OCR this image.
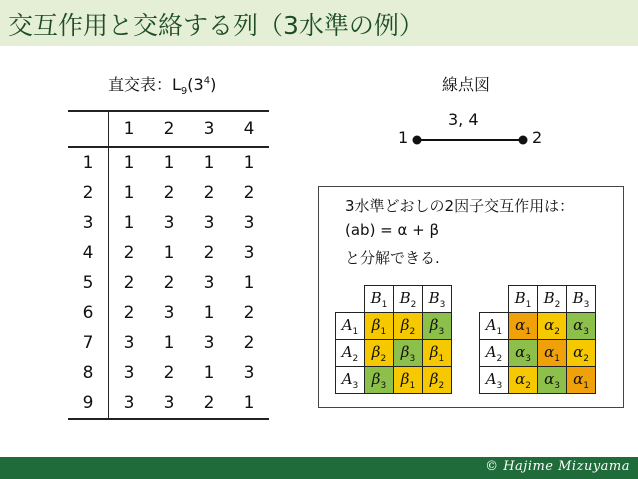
交互作用と交絡する列（3水準の例）
直交表：$L_9(3^4)$
	1	2	3	4
1	1	1	1	1
2	1	2	2	2
3	1	3	3	3
4	2	1	2	3
5	2	2	3	1
6	2	3	1	2
7	3	1	3	2
8	3	2	1	3
9	3	3	2	1
線点図
3, 4
1	2
3水準どおしの2因子交互作用は：
(ab) = α + β
と分解できる.
	$B_1$	$B_2$	$B_3$
$A_1$	$\beta_1$	$\beta_2$	$\beta_3$
$A_2$	$\beta_2$	$\beta_3$	$\beta_1$
$A_3$	$\beta_3$	$\beta_1$	$\beta_2$
	$B_1$	$B_2$	$B_3$
$A_1$	$\alpha_1$	$\alpha_2$	$\alpha_3$
$A_2$	$\alpha_3$	$\alpha_1$	$\alpha_2$
$A_3$	$\alpha_2$	$\alpha_3$	$\alpha_1$
© Hajime Mizuyama
